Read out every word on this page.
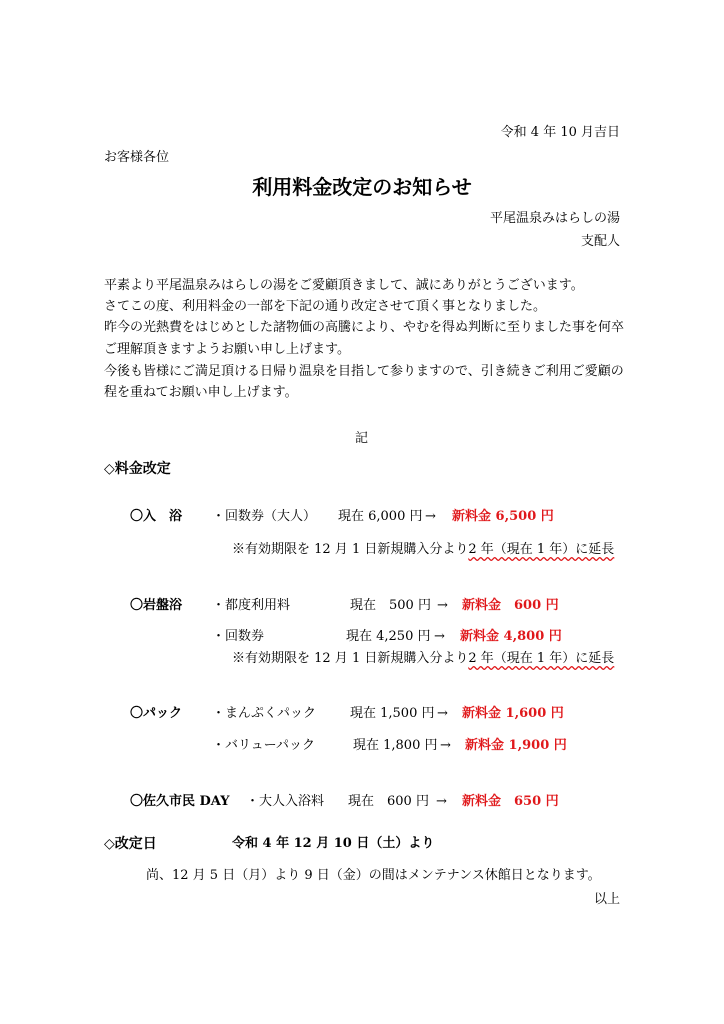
令和 4 年 10 月吉日
お客様各位
利用料金改定のお知らせ
平尾温泉みはらしの湯
支配人
平素より平尾温泉みはらしの湯をご愛顧頂きまして、誠にありがとうございます。
さてこの度、利用料金の一部を下記の通り改定させて頂く事となりました。
昨今の光熱費をはじめとした諸物価の高騰により、やむを得ぬ判断に至りました事を何卒
ご理解頂きますようお願い申し上げます。
今後も皆様にご満足頂ける日帰り温泉を目指して参りますので、引き続きご利用ご愛顧の
程を重ねてお願い申し上げます。
記
◇料金改定
〇入　浴 ・回数券（大人） 現在 6,000 円 → 新料金 6,500 円
※有効期限を 12 月 1 日新規購入分より2 年（現在 1 年）に延長
〇岩盤浴 ・都度利用料	現在　500 円 → 新料金　600 円
・回数券	現在 4,250 円 → 新料金 4,800 円
※有効期限を 12 月 1 日新規購入分より2 年（現在 1 年）に延長
〇パック ・まんぷくパック	現在 1,500 円 → 新料金 1,600 円
・バリューパック	現在 1,800 円 → 新料金 1,900 円
〇佐久市民 DAY ・大人入浴料 現在　600 円 → 新料金　650 円
◇改定日	令和 4 年 12 月 10 日（土）より
尚、12 月 5 日（月）より 9 日（金）の間はメンテナンス休館日となります。
以上
